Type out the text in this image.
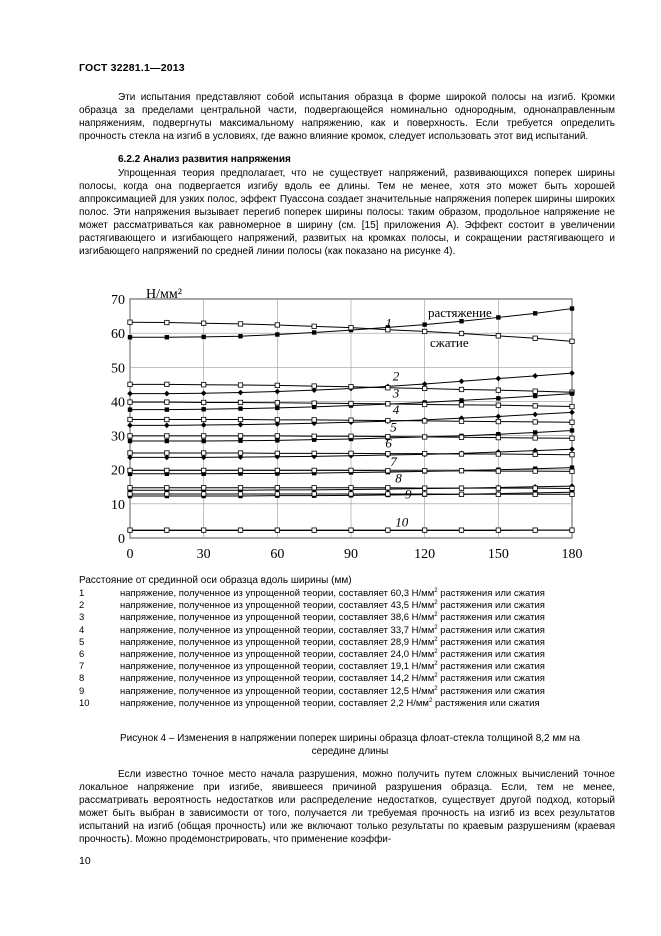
ГОСТ 32281.1—2013

Эти испытания представляют собой испытания образца в форме широкой полосы на изгиб. Кромки образца за пределами центральной части, подвергающейся номинально однородным, однонаправленным напряжениям, подвергнуты максимальному напряжению, как и поверхность. Если требуется определить прочность стекла на изгиб в условиях, где важно влияние кромок, следует использовать этот вид испытаний.

6.2.2 Анализ развития напряжения

Упрощенная теория предполагает, что не существует напряжений, развивающихся поперек ширины полосы, когда она подвергается изгибу вдоль ее длины. Тем не менее, хотя это может быть хорошей аппроксимацией для узких полос, эффект Пуассона создает значительные напряжения поперек ширины широких полос. Эти напряжения вызывает перегиб поперек ширины полосы: таким образом, продольное напряжение не может рассматриваться как равномерное в ширину (см. [15] приложения А). Эффект состоит в увеличении растягивающего и изгибающего напряжений, развитых на кромках полосы, и сокращении растягивающего и изгибающего напряжений по средней линии полосы (как показано на рисунке 4).

0
10
20
30
40
50
60
70
0	30	60	90	120	150	180
Н/мм²
1
2
3
4
5
6
7
8
9
10
растяжение
сжатие

Расстояние от срединной оси образца вдоль ширины (мм)

1	напряжение, полученное из упрощенной теории, составляет 60,3 $Н/мм^2$ растяжения или сжатия
2	напряжение, полученное из упрощенной теории, составляет 43,5 $Н/мм^2$ растяжения или сжатия
3	напряжение, полученное из упрощенной теории, составляет 38,6 $Н/мм^2$ растяжения или сжатия
4	напряжение, полученное из упрощенной теории, составляет 33,7 $Н/мм^2$ растяжения или сжатия
5	напряжение, полученное из упрощенной теории, составляет 28,9 $Н/мм^2$ растяжения или сжатия
6	напряжение, полученное из упрощенной теории, составляет 24,0 $Н/мм^2$ растяжения или сжатия
7	напряжение, полученное из упрощенной теории, составляет 19,1 $Н/мм^2$ растяжения или сжатия
8	напряжение, полученное из упрощенной теории, составляет 14,2 $Н/мм^2$ растяжения или сжатия
9	напряжение, полученное из упрощенной теории, составляет 12,5 $Н/мм^2$ растяжения или сжатия
10	напряжение, полученное из упрощенной теории, составляет 2,2 $Н/мм^2$ растяжения или сжатия

Рисунок 4 – Изменения в напряжении поперек ширины образца флоат-стекла толщиной 8,2 мм на середине длины

Если известно точное место начала разрушения, можно получить путем сложных вычислений точное локальное напряжение при изгибе, явившееся причиной разрушения образца. Если, тем не менее, рассматривать вероятность недостатков или распределение недостатков, существует другой подход, который может быть выбран в зависимости от того, получается ли требуемая прочность на изгиб из всех результатов испытаний на изгиб (общая прочность) или же включают только результаты по краевым разрушениям (краевая прочность). Можно продемонстрировать, что применение коэффи-

10
